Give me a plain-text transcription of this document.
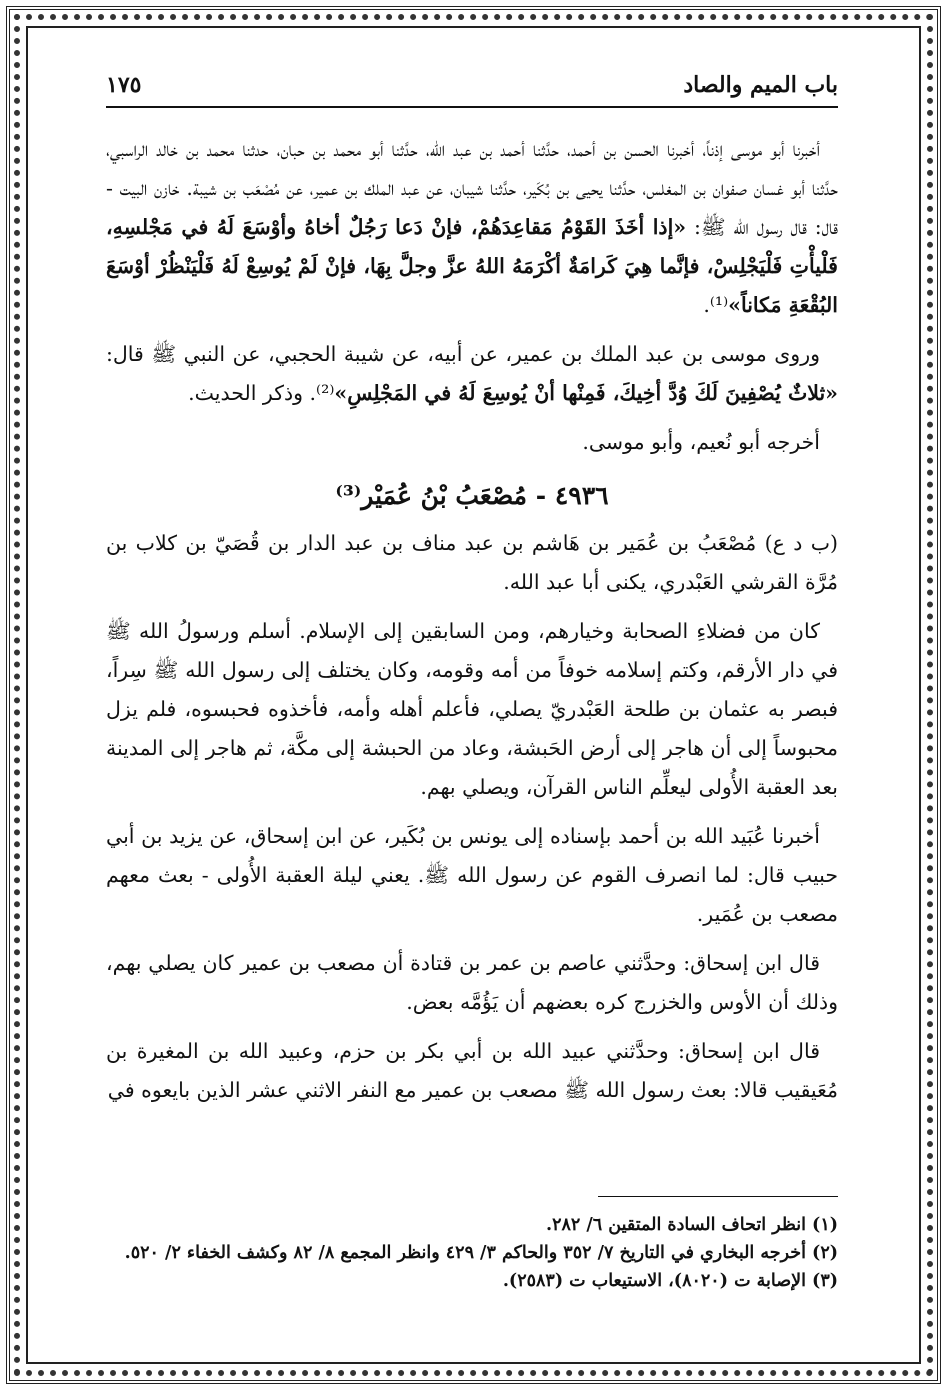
باب الميم والصاد
١٧٥

أخبرنا أبو موسى إذناً، أخبرنا الحسن بن أحمد، حدَّثنا أحمد بن عبد الله، حدَّثنا أبو محمد بن حبان، حدثنا محمد بن خالد الراسبي، حدَّثنا أبو غسان صفوان بن المغلس، حدَّثنا يحيى بن بُكَير، حدَّثنا شيبان، عن عبد الملك بن عمير، عن مُصْعَب بن شيبة. خازن البيت - قال: قال رسول الله ﷺ: «إذا أخَذَ القَوْمُ مَقاعِدَهُمْ، فإنْ دَعا رَجُلٌ أخاهُ وأوْسَعَ لَهُ في مَجْلسِهِ، فَلْيأْتِ فَلْيَجْلِسْ، فإنَّما هِيَ كَرامَةٌ أكْرَمَهُ اللهُ عزَّ وجلَّ بِهَا، فإنْ لَمْ يُوسِعْ لَهُ فَلْيَنْظُرْ أوْسَعَ البُقْعَةِ مَكاناً»⁽¹⁾.

وروى موسى بن عبد الملك بن عمير، عن أبيه، عن شيبة الحجبي، عن النبي ﷺ قال: «ثلاثٌ يُصْفِينَ لَكَ وُدَّ أخِيكَ، فَمِنْها أنْ يُوسِعَ لَهُ في المَجْلِسِ»⁽²⁾. وذكر الحديث.

أخرجه أبو نُعيم، وأبو موسى.

٤٩٣٦ - مُصْعَبُ بْنُ عُمَيْر⁽³⁾

(ب د ع) مُصْعَبُ بن عُمَير بن هَاشم بن عبد مناف بن عبد الدار بن قُصَيّ بن كلاب بن مُرَّة القرشي العَبْدري، يكنى أبا عبد الله.

كان من فضلاءِ الصحابة وخيارهم، ومن السابقين إلى الإسلام. أسلم ورسولُ الله ﷺ في دار الأرقم، وكتم إسلامه خوفاً من أمه وقومه، وكان يختلف إلى رسول الله ﷺ سِراً، فبصر به عثمان بن طلحة العَبْدريّ يصلي، فأعلم أهله وأمه، فأخذوه فحبسوه، فلم يزل محبوساً إلى أن هاجر إلى أرض الحَبشة، وعاد من الحبشة إلى مكَّة، ثم هاجر إلى المدينة بعد العقبة الأُولى ليعلِّم الناس القرآن، ويصلي بهم.

أخبرنا عُبَيد الله بن أحمد بإسناده إلى يونس بن بُكَير، عن ابن إسحاق، عن يزيد بن أبي حبيب قال: لما انصرف القوم عن رسول الله ﷺ. يعني ليلة العقبة الأُولى - بعث معهم مصعب بن عُمَير.

قال ابن إسحاق: وحدَّثني عاصم بن عمر بن قتادة أن مصعب بن عمير كان يصلي بهم، وذلك أن الأوس والخزرج كره بعضهم أن يَؤُمَّه بعض.

قال ابن إسحاق: وحدَّثني عبيد الله بن أبي بكر بن حزم، وعبيد الله بن المغيرة بن مُعَيقيب قالا: بعث رسول الله ﷺ مصعب بن عمير مع النفر الاثني عشر الذين بايعوه في

(١) انظر اتحاف السادة المتقين ٦/ ٢٨٢.

(٢) أخرجه البخاري في التاريخ ٧/ ٣٥٢ والحاكم ٣/ ٤٢٩ وانظر المجمع ٨/ ٨٢ وكشف الخفاء ٢/ ٥٢٠.

(٣) الإصابة ت (٨٠٢٠)، الاستيعاب ت (٢٥٨٣).
